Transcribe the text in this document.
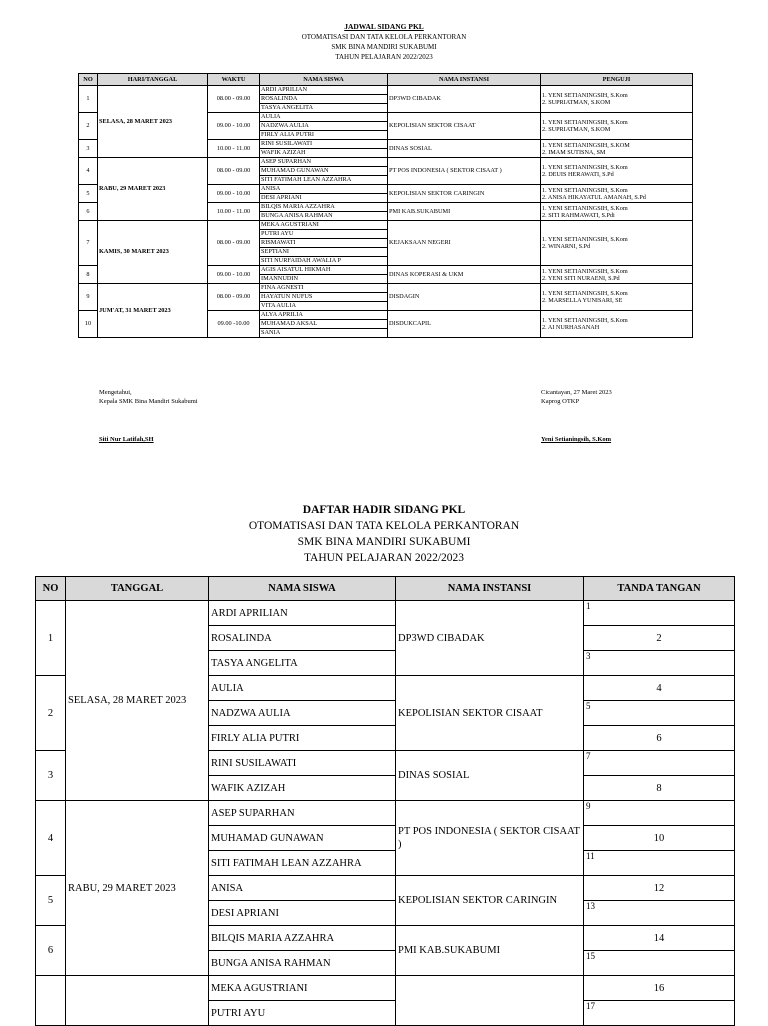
JADWAL SIDANG PKL
OTOMATISASI DAN TATA KELOLA PERKANTORAN
SMK BINA MANDIRI SUKABUMI
TAHUN PELAJARAN 2022/2023
NO	HARI/TANGGAL	WAKTU	NAMA SISWA	NAMA INSTANSI	PENGUJI
1	SELASA, 28 MARET 2023	08.00 - 09.00	ARDI APRILIAN	DP3WD CIBADAK	1. YENI SETIANINGSIH, S.Kom
2. SUPRIATMAN, S.KOM

			ROSALINDA		
			TASYA ANGELITA		
2		09.00 - 10.00	AULIA	KEPOLISIAN SEKTOR CISAAT	1. YENI SETIANINGSIH, S.Kom
2. SUPRIATMAN, S.KOM

			NADZWA AULIA		
			FIRLY ALIA PUTRI		
3		10.00 - 11.00	RINI SUSILAWATI	DINAS SOSIAL	1. YENI SETIANINGSIH, S.KOM
2. IMAM SUTISNA, SM

			WAFIK AZIZAH		
4	RABU, 29 MARET 2023	08.00 - 09.00	ASEP SUPARHAN	PT POS INDONESIA ( SEKTOR CISAAT )	1. YENI SETIANINGSIH, S.Kom
2. DEUIS HERAWATI, S.Pd

			MUHAMAD GUNAWAN		
			SITI FATIMAH LEAN AZZAHRA		
5		09.00 - 10.00	ANISA	KEPOLISIAN SEKTOR CARINGIN	1. YENI SETIANINGSIH, S.Kom
2. ANISA HIKAYATUL AMANAH, S.Pd

			DESI APRIANI		
6		10.00 - 11.00	BILQIS MARIA AZZAHRA	PMI KAB.SUKABUMI	1. YENI SETIANINGSIH, S.Kom
2. SITI RAHMAWATI, S.Pdi

			BUNGA ANISA RAHMAN		
7	KAMIS, 30 MARET 2023	08.00 - 09.00	MEKA AGUSTRIANI	KEJAKSAAN NEGERI	1. YENI SETIANINGSIH, S.Kom
2. WINARNI, S.Pd

			PUTRI AYU		
			RISMAWATI		
			SEPTIANI		
			SITI NURFAIDAH AWALIA P		
8		09.00 - 10.00	AGIS AISATUL HIKMAH	DINAS KOPERASI & UKM	1. YENI SETIANINGSIH, S.Kom
2. YENI SITI NURAENI, S.Pd

			IMANNUDIN		
9	JUM'AT, 31 MARET 2023	08.00 - 09.00	FINA AGNESTI	DISDAGIN	1. YENI SETIANINGSIH, S.Kom
2. MARSELLA YUNISARI, SE

			HAYATUN NUFUS		
			VITA AULIA		
10		09.00 -10.00	ALYA APRILIA	DISDUKCAPIL	1. YENI SETIANINGSIH, S.Kom
2. AI NURHASANAH

			MUHAMAD AKSAL		
			SANIA		
Mengetahui,
Kepala SMK Bina Mandiri Sukabumi
Siti Nur Latifah,SH
Cicantayan, 27 Maret 2023
Kaprog OTKP
Yeni Setianingsih, S.Kom
DAFTAR HADIR SIDANG PKL
OTOMATISASI DAN TATA KELOLA PERKANTORAN
SMK BINA MANDIRI SUKABUMI
TAHUN PELAJARAN 2022/2023
NO	TANGGAL	NAMA SISWA	NAMA INSTANSI	TANDA TANGAN
1	SELASA, 28 MARET 2023	ARDI APRILIAN	DP3WD CIBADAK	1
		ROSALINDA		2
		TASYA ANGELITA		3
2		AULIA	KEPOLISIAN SEKTOR CISAAT	4
		NADZWA AULIA		5
		FIRLY ALIA PUTRI		6
3		RINI SUSILAWATI	DINAS SOSIAL	7
		WAFIK AZIZAH		8
4	RABU, 29 MARET 2023	ASEP SUPARHAN	PT POS INDONESIA ( SEKTOR CISAAT )	9
		MUHAMAD GUNAWAN		10
		SITI FATIMAH LEAN AZZAHRA		11
5		ANISA	KEPOLISIAN SEKTOR CARINGIN	12
		DESI APRIANI		13
6		BILQIS MARIA AZZAHRA	PMI KAB.SUKABUMI	14
		BUNGA ANISA RAHMAN		15
		MEKA AGUSTRIANI		16
		PUTRI AYU		17
